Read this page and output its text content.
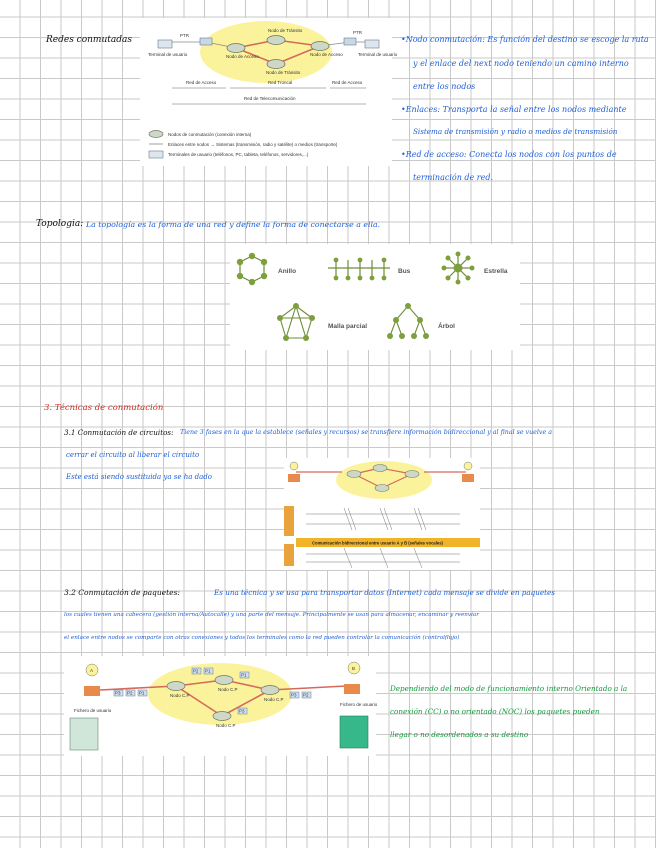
Redes conmutadas	PTR
PTR
Terminal de usuario	Terminal de usuario
Nodo de Acceso
Nodo de Tránsito
Nodo de Acceso
Nodo de Tránsito
Red de Acceso	Red Troncal	Red de Acceso
Red de Telecomunicación
Nodos de conmutación (conexión interna)
Enlaces entre nodos → Sistemas (transmisión, radio y satélite) o medios (transporte)
Terminales de usuario (teléfonos, PC, tableta, teléfonos, servidores,...)
•Nodo conmutación: Es función del destino se escoge la ruta
y el enlace del next nodo teniendo un camino interno
entre los nodos
•Enlaces: Transporta la señal entre los nodos mediante
Sistema de transmisión y radio o medios de transmisión
•Red de acceso: Conecta los nodos con los puntos de
terminación de red.
Topologia: La topología es la forma de una red y define la forma de conectarse a ella.
Anillo	Bus	Estrella
Malla parcial	Árbol
3. Técnicas de conmutación
3.1 Conmutación de circuitos: Tiene 3 fases en la que la establece (señales y recursos) se transfiere información bidireccional y al final se vuelve a
cerrar el circuito al liberar el circuito
Este está siendo sustituida ya se ha dado
Comunicación bidireccional entre usuario A y B (señales vocales)
3.2 Conmutación de paquetes:	Es una técnica y se usa para transportar datos (Internet) cada mensaje se divide en paquetes
los cuales tienen una cabecera (gestión interna/Autocalle) y una parte del mensaje. Principalmente se usan para almacenar, encaminar y reenviar
el enlace entre nodos se comparte con otras conexiones y todos los terminales como la red pueden controlar la comunicación (controlflujo)
Nodo C.P
Nodo C.P
Nodo C.P
Nodo C.P
A	B
P3 P2 P1
P2 P1
P1
P3 P2
P3
Fichero de usuario
Fichero de usuario
Dependiendo del modo de funcionamiento interno Orientado a la
conexión (CC) o no orientado (NOC) los paquetes pueden
llegar o no desordenados a su destino
